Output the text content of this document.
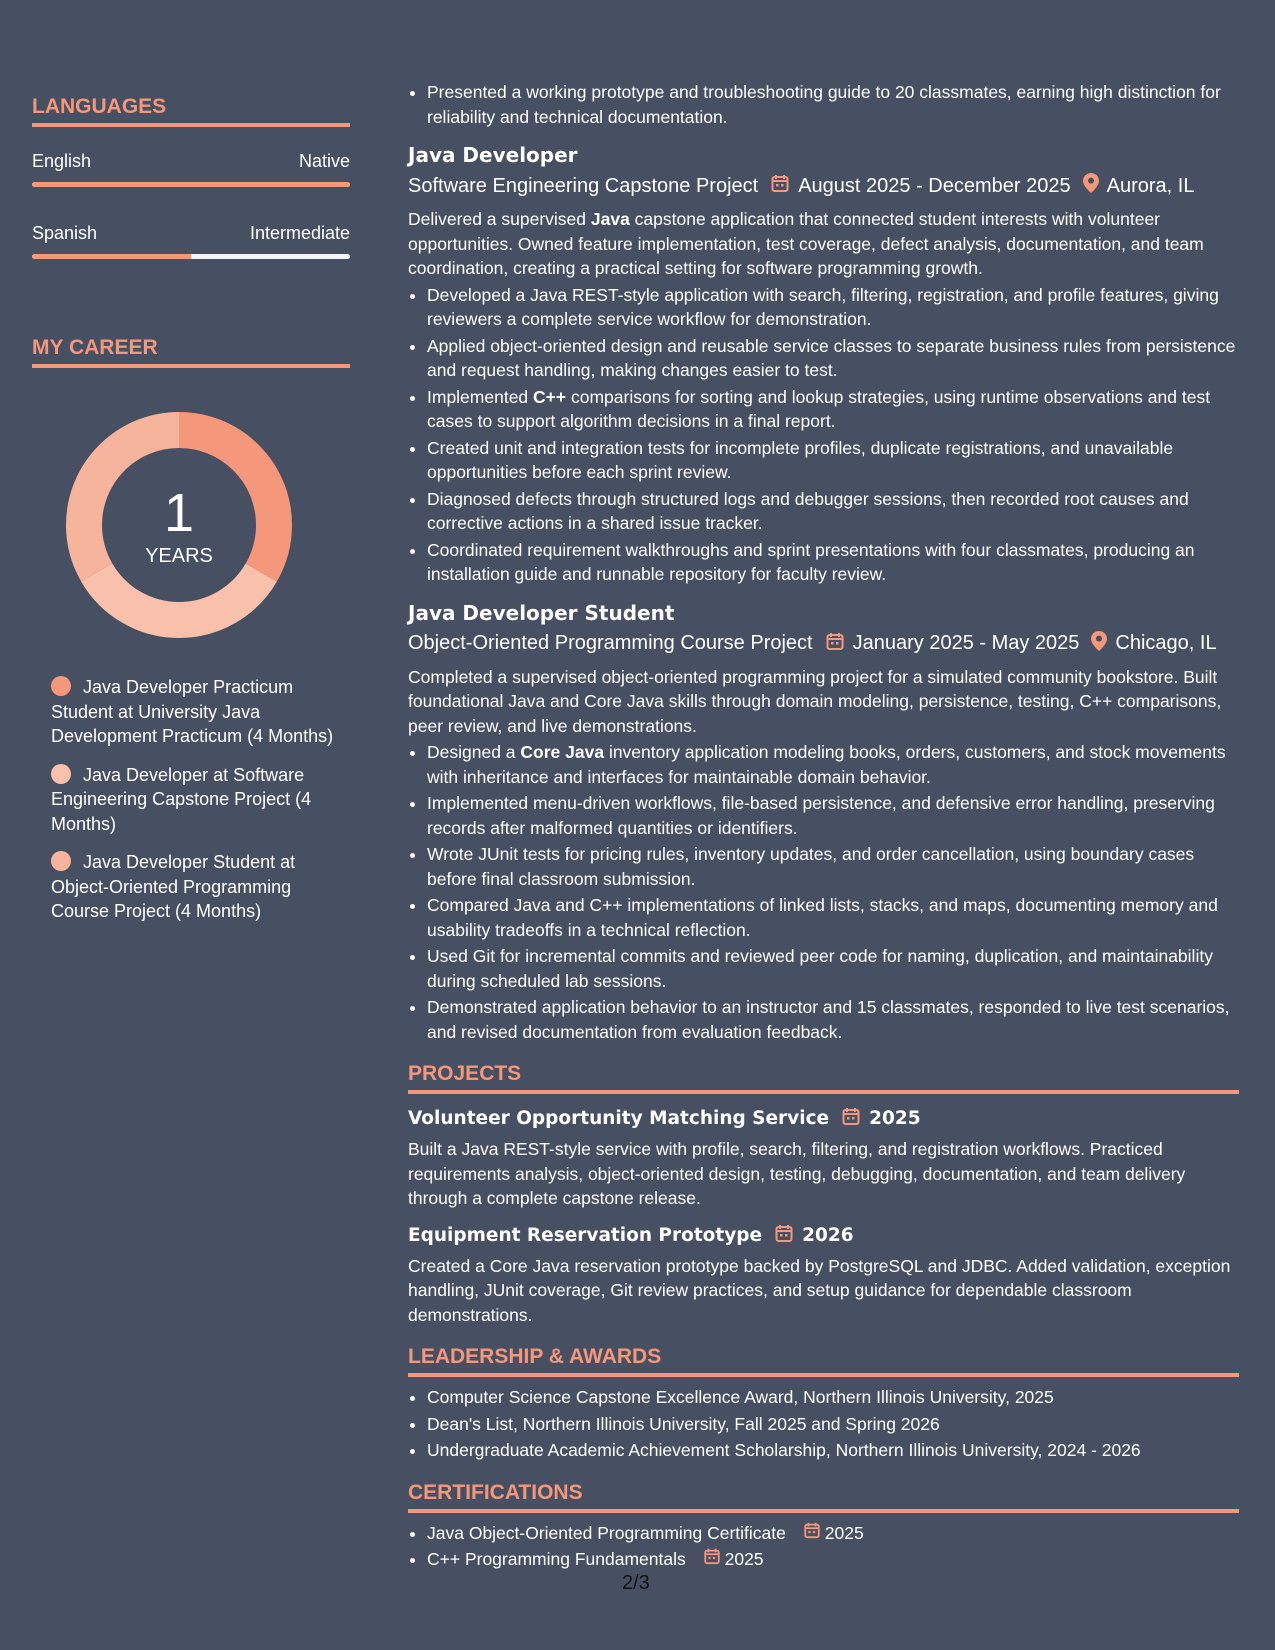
LANGUAGES
English	Native
Spanish	Intermediate
MY CAREER
1
YEARS
Java Developer Practicum Student at University Java Development Practicum (4 Months)
Java Developer at Software Engineering Capstone Project (4 Months)
Java Developer Student at Object-Oriented Programming Course Project (4 Months)
• Presented a working prototype and troubleshooting guide to 20 classmates, earning high distinction for reliability and technical documentation.
Java Developer
Software Engineering Capstone Project August 2025 - December 2025 Aurora, IL
Delivered a supervised Java capstone application that connected student interests with volunteer opportunities. Owned feature implementation, test coverage, defect analysis, documentation, and team coordination, creating a practical setting for software programming growth.
• Developed a Java REST-style application with search, filtering, registration, and profile features, giving reviewers a complete service workflow for demonstration.
• Applied object-oriented design and reusable service classes to separate business rules from persistence and request handling, making changes easier to test.
• Implemented C++ comparisons for sorting and lookup strategies, using runtime observations and test cases to support algorithm decisions in a final report.
• Created unit and integration tests for incomplete profiles, duplicate registrations, and unavailable opportunities before each sprint review.
• Diagnosed defects through structured logs and debugger sessions, then recorded root causes and corrective actions in a shared issue tracker.
• Coordinated requirement walkthroughs and sprint presentations with four classmates, producing an installation guide and runnable repository for faculty review.
Java Developer Student
Object-Oriented Programming Course Project January 2025 - May 2025 Chicago, IL
Completed a supervised object-oriented programming project for a simulated community bookstore. Built foundational Java and Core Java skills through domain modeling, persistence, testing, C++ comparisons, peer review, and live demonstrations.
• Designed a Core Java inventory application modeling books, orders, customers, and stock movements with inheritance and interfaces for maintainable domain behavior.
• Implemented menu-driven workflows, file-based persistence, and defensive error handling, preserving records after malformed quantities or identifiers.
• Wrote JUnit tests for pricing rules, inventory updates, and order cancellation, using boundary cases before final classroom submission.
• Compared Java and C++ implementations of linked lists, stacks, and maps, documenting memory and usability tradeoffs in a technical reflection.
• Used Git for incremental commits and reviewed peer code for naming, duplication, and maintainability during scheduled lab sessions.
• Demonstrated application behavior to an instructor and 15 classmates, responded to live test scenarios, and revised documentation from evaluation feedback.
PROJECTS
Volunteer Opportunity Matching Service 2025
Built a Java REST-style service with profile, search, filtering, and registration workflows. Practiced requirements analysis, object-oriented design, testing, debugging, documentation, and team delivery through a complete capstone release.
Equipment Reservation Prototype 2026
Created a Core Java reservation prototype backed by PostgreSQL and JDBC. Added validation, exception handling, JUnit coverage, Git review practices, and setup guidance for dependable classroom demonstrations.
LEADERSHIP & AWARDS
• Computer Science Capstone Excellence Award, Northern Illinois University, 2025
• Dean's List, Northern Illinois University, Fall 2025 and Spring 2026
• Undergraduate Academic Achievement Scholarship, Northern Illinois University, 2024 - 2026
CERTIFICATIONS
• Java Object-Oriented Programming Certificate 2025
• C++ Programming Fundamentals 2025
2/3
